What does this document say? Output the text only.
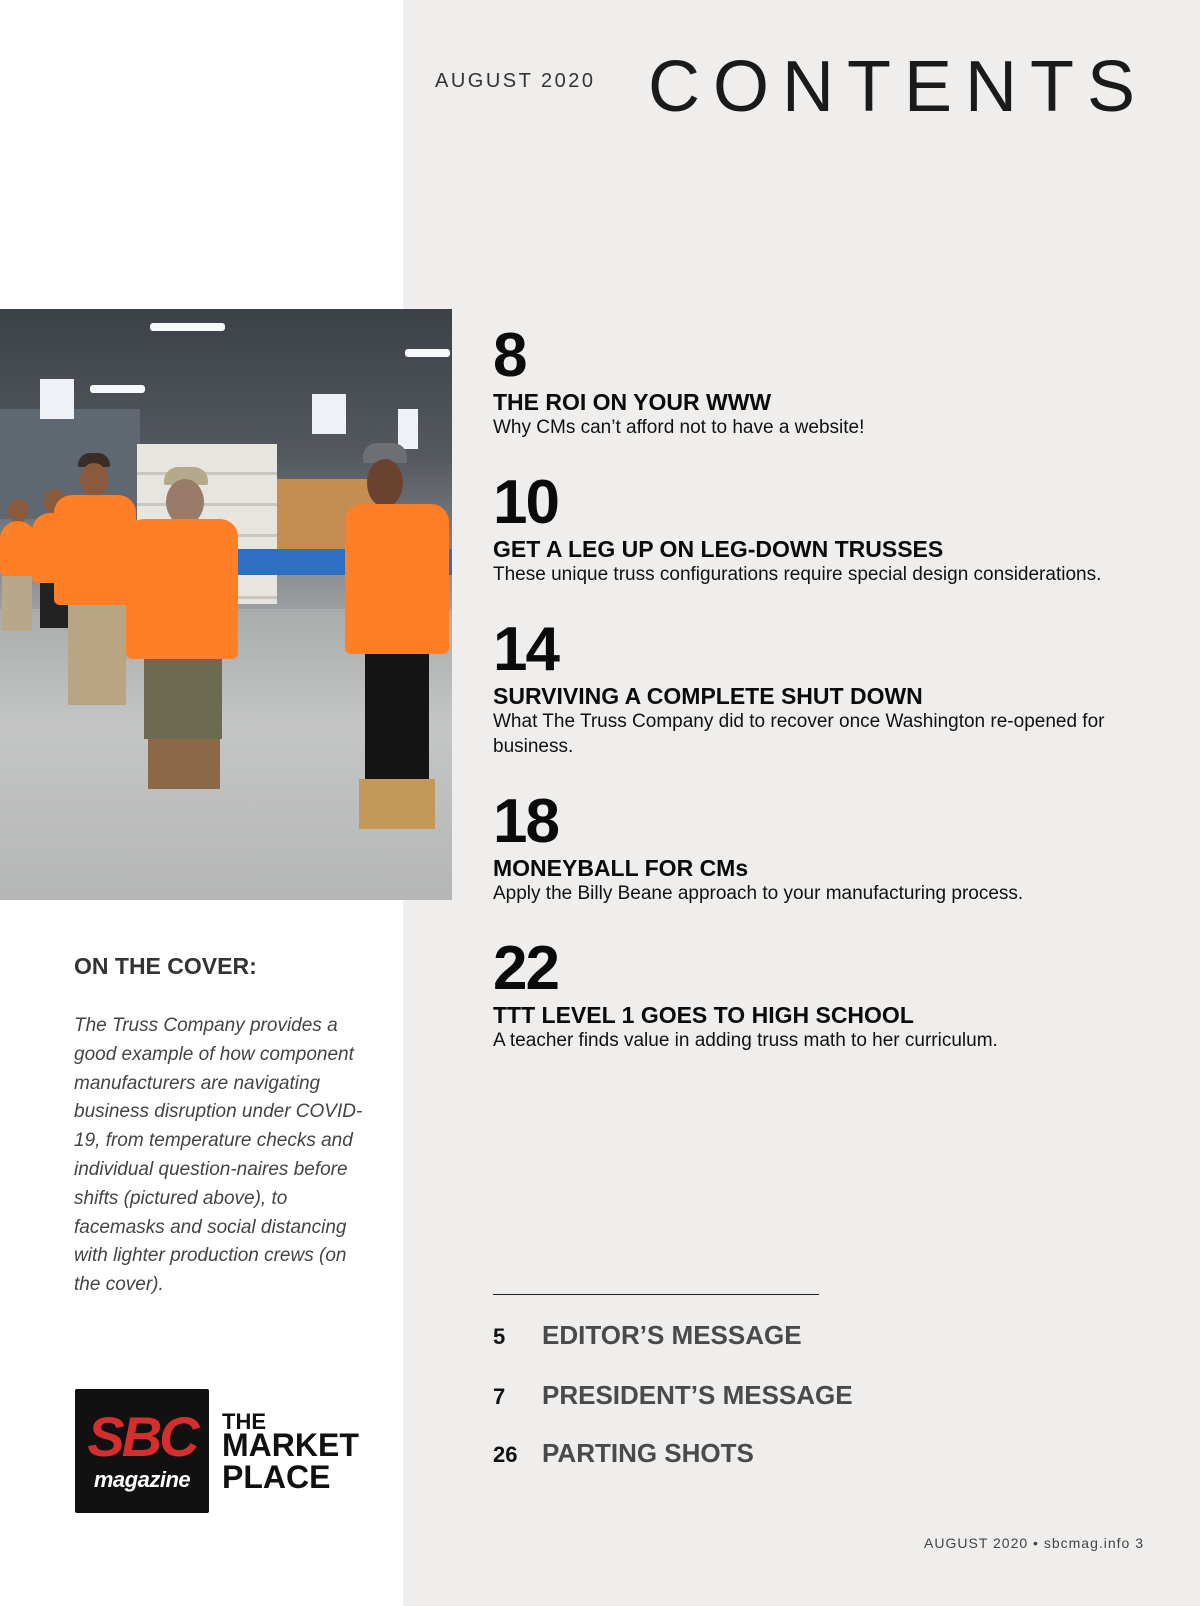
AUGUST 2020 CONTENTS
ON THE COVER:

The Truss Company provides a good example of how component manufacturers are navigating business disruption under COVID-19, from temperature checks and individual question-naires before shifts (pictured above), to facemasks and social distancing with lighter production crews (on the cover).

SBC
magazine
THE
MARKET
PLACE
8
THE ROI ON YOUR WWW
Why CMs can’t afford not to have a website!
10
GET A LEG UP ON LEG-DOWN TRUSSES
These unique truss configurations require special design considerations.
14
SURVIVING A COMPLETE SHUT DOWN
What The Truss Company did to recover once Washington re-opened for business.
18
MONEYBALL FOR CMs
Apply the Billy Beane approach to your manufacturing process.
22
TTT LEVEL 1 GOES TO HIGH SCHOOL
A teacher finds value in adding truss math to her curriculum.
5 EDITOR’S MESSAGE
7 PRESIDENT’S MESSAGE
26 PARTING SHOTS
AUGUST 2020 • sbcmag.info 3
